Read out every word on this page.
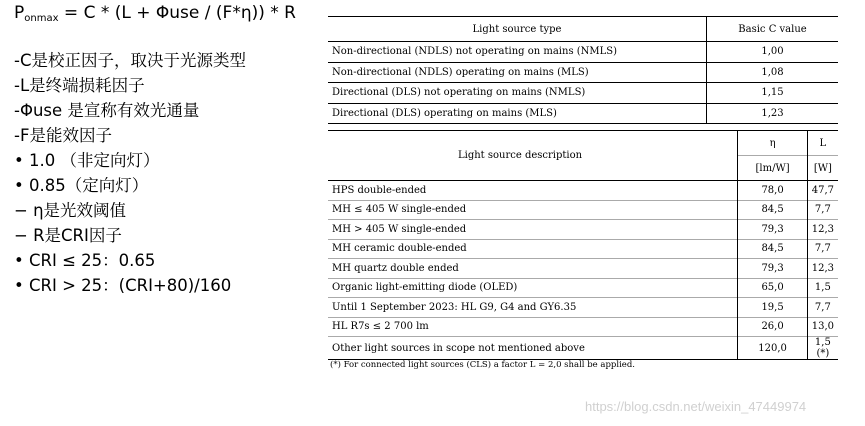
$P_{onmax} = C * (L + \Phi use / (F*\eta)) * R$
-C是校正因子，取决于光源类型
-L是终端损耗因子
-Φuse 是宣称有效光通量
-F是能效因子
• 1.0 （非定向灯）
• 0.85（定向灯）
− η是光效阈值
− R是CRI因子
• CRI ≤ 25：0.65
• CRI > 25：(CRI+80)/160
Light source type	Basic C value
Non-directional (NDLS) not operating on mains (NMLS)	1,00
Non-directional (NDLS) operating on mains (MLS)	1,08
Directional (DLS) not operating on mains (NMLS)	1,15
Directional (DLS) operating on mains (MLS)	1,23
Light source description	η	L
	[lm/W]	[W]
HPS double-ended	78,0	47,7
MH ≤ 405 W single-ended	84,5	7,7
MH > 405 W single-ended	79,3	12,3
MH ceramic double-ended	84,5	7,7
MH quartz double ended	79,3	12,3
Organic light-emitting diode (OLED)	65,0	1,5
Until 1 September 2023: HL G9, G4 and GY6.35	19,5	7,7
HL R7s ≤ 2 700 lm	26,0	13,0
Other light sources in scope not mentioned above	120,0	1,5 (*)
(*) For connected light sources (CLS) a factor L = 2,0 shall be applied.
https://blog.csdn.net/weixin_47449974
